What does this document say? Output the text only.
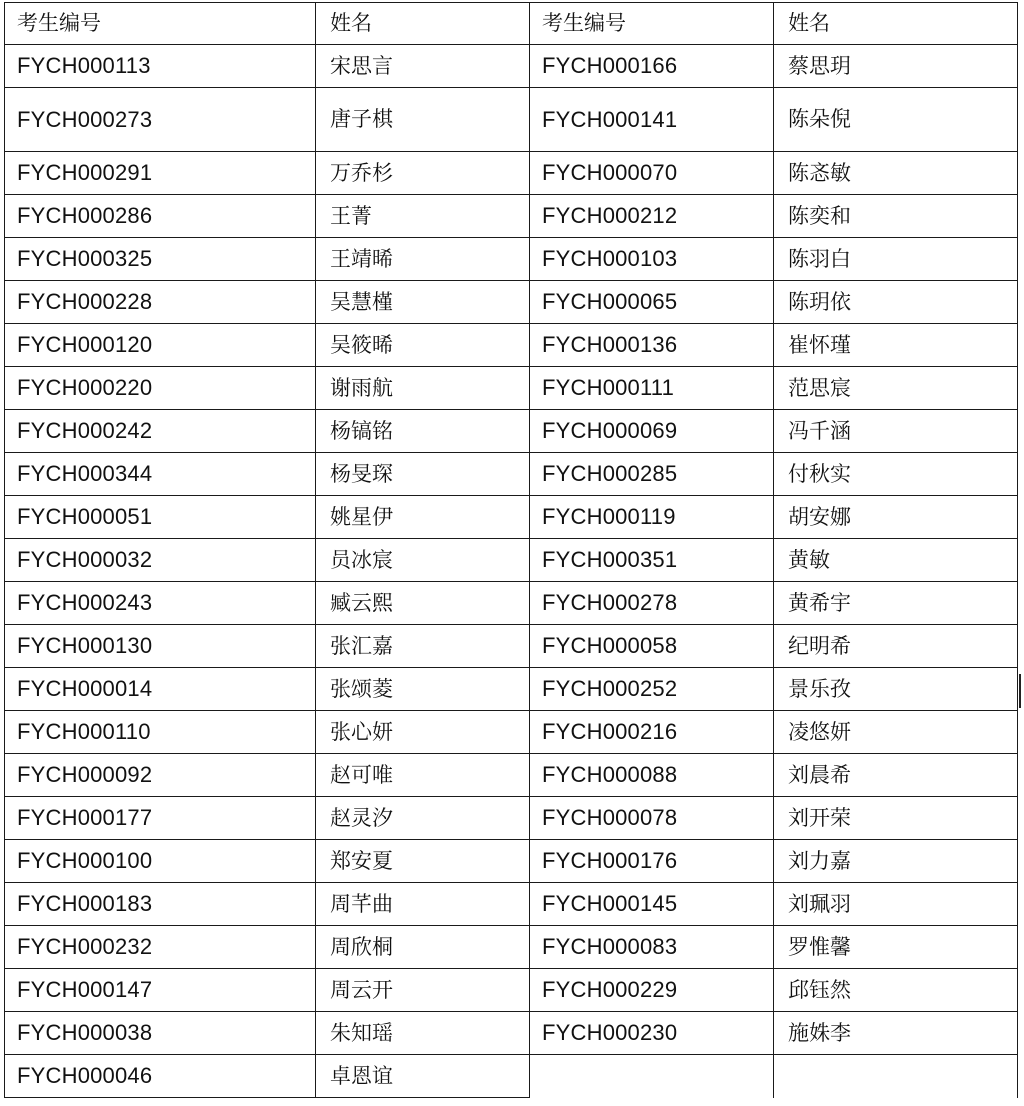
考生编号	姓名	考生编号	姓名
FYCH000113	宋思言	FYCH000166	蔡思玥
FYCH000273	唐子棋	FYCH000141	陈朵倪
FYCH000291	万乔杉	FYCH000070	陈忞敏
FYCH000286	王菁	FYCH000212	陈奕和
FYCH000325	王靖晞	FYCH000103	陈羽白
FYCH000228	吴慧槿	FYCH000065	陈玥依
FYCH000120	吴筱晞	FYCH000136	崔怀瑾
FYCH000220	谢雨航	FYCH000111	范思宸
FYCH000242	杨镐铭	FYCH000069	冯千涵
FYCH000344	杨旻琛	FYCH000285	付秋实
FYCH000051	姚星伊	FYCH000119	胡安娜
FYCH000032	员冰宸	FYCH000351	黄敏
FYCH000243	臧云熙	FYCH000278	黄希宇
FYCH000130	张汇嘉	FYCH000058	纪明希
FYCH000014	张颂菱	FYCH000252	景乐孜
FYCH000110	张心妍	FYCH000216	凌悠妍
FYCH000092	赵可唯	FYCH000088	刘晨希
FYCH000177	赵灵汐	FYCH000078	刘开荣
FYCH000100	郑安夏	FYCH000176	刘力嘉
FYCH000183	周芊曲	FYCH000145	刘珮羽
FYCH000232	周欣桐	FYCH000083	罗惟馨
FYCH000147	周云开	FYCH000229	邱钰然
FYCH000038	朱知瑶	FYCH000230	施姝李
FYCH000046	卓恩谊		
